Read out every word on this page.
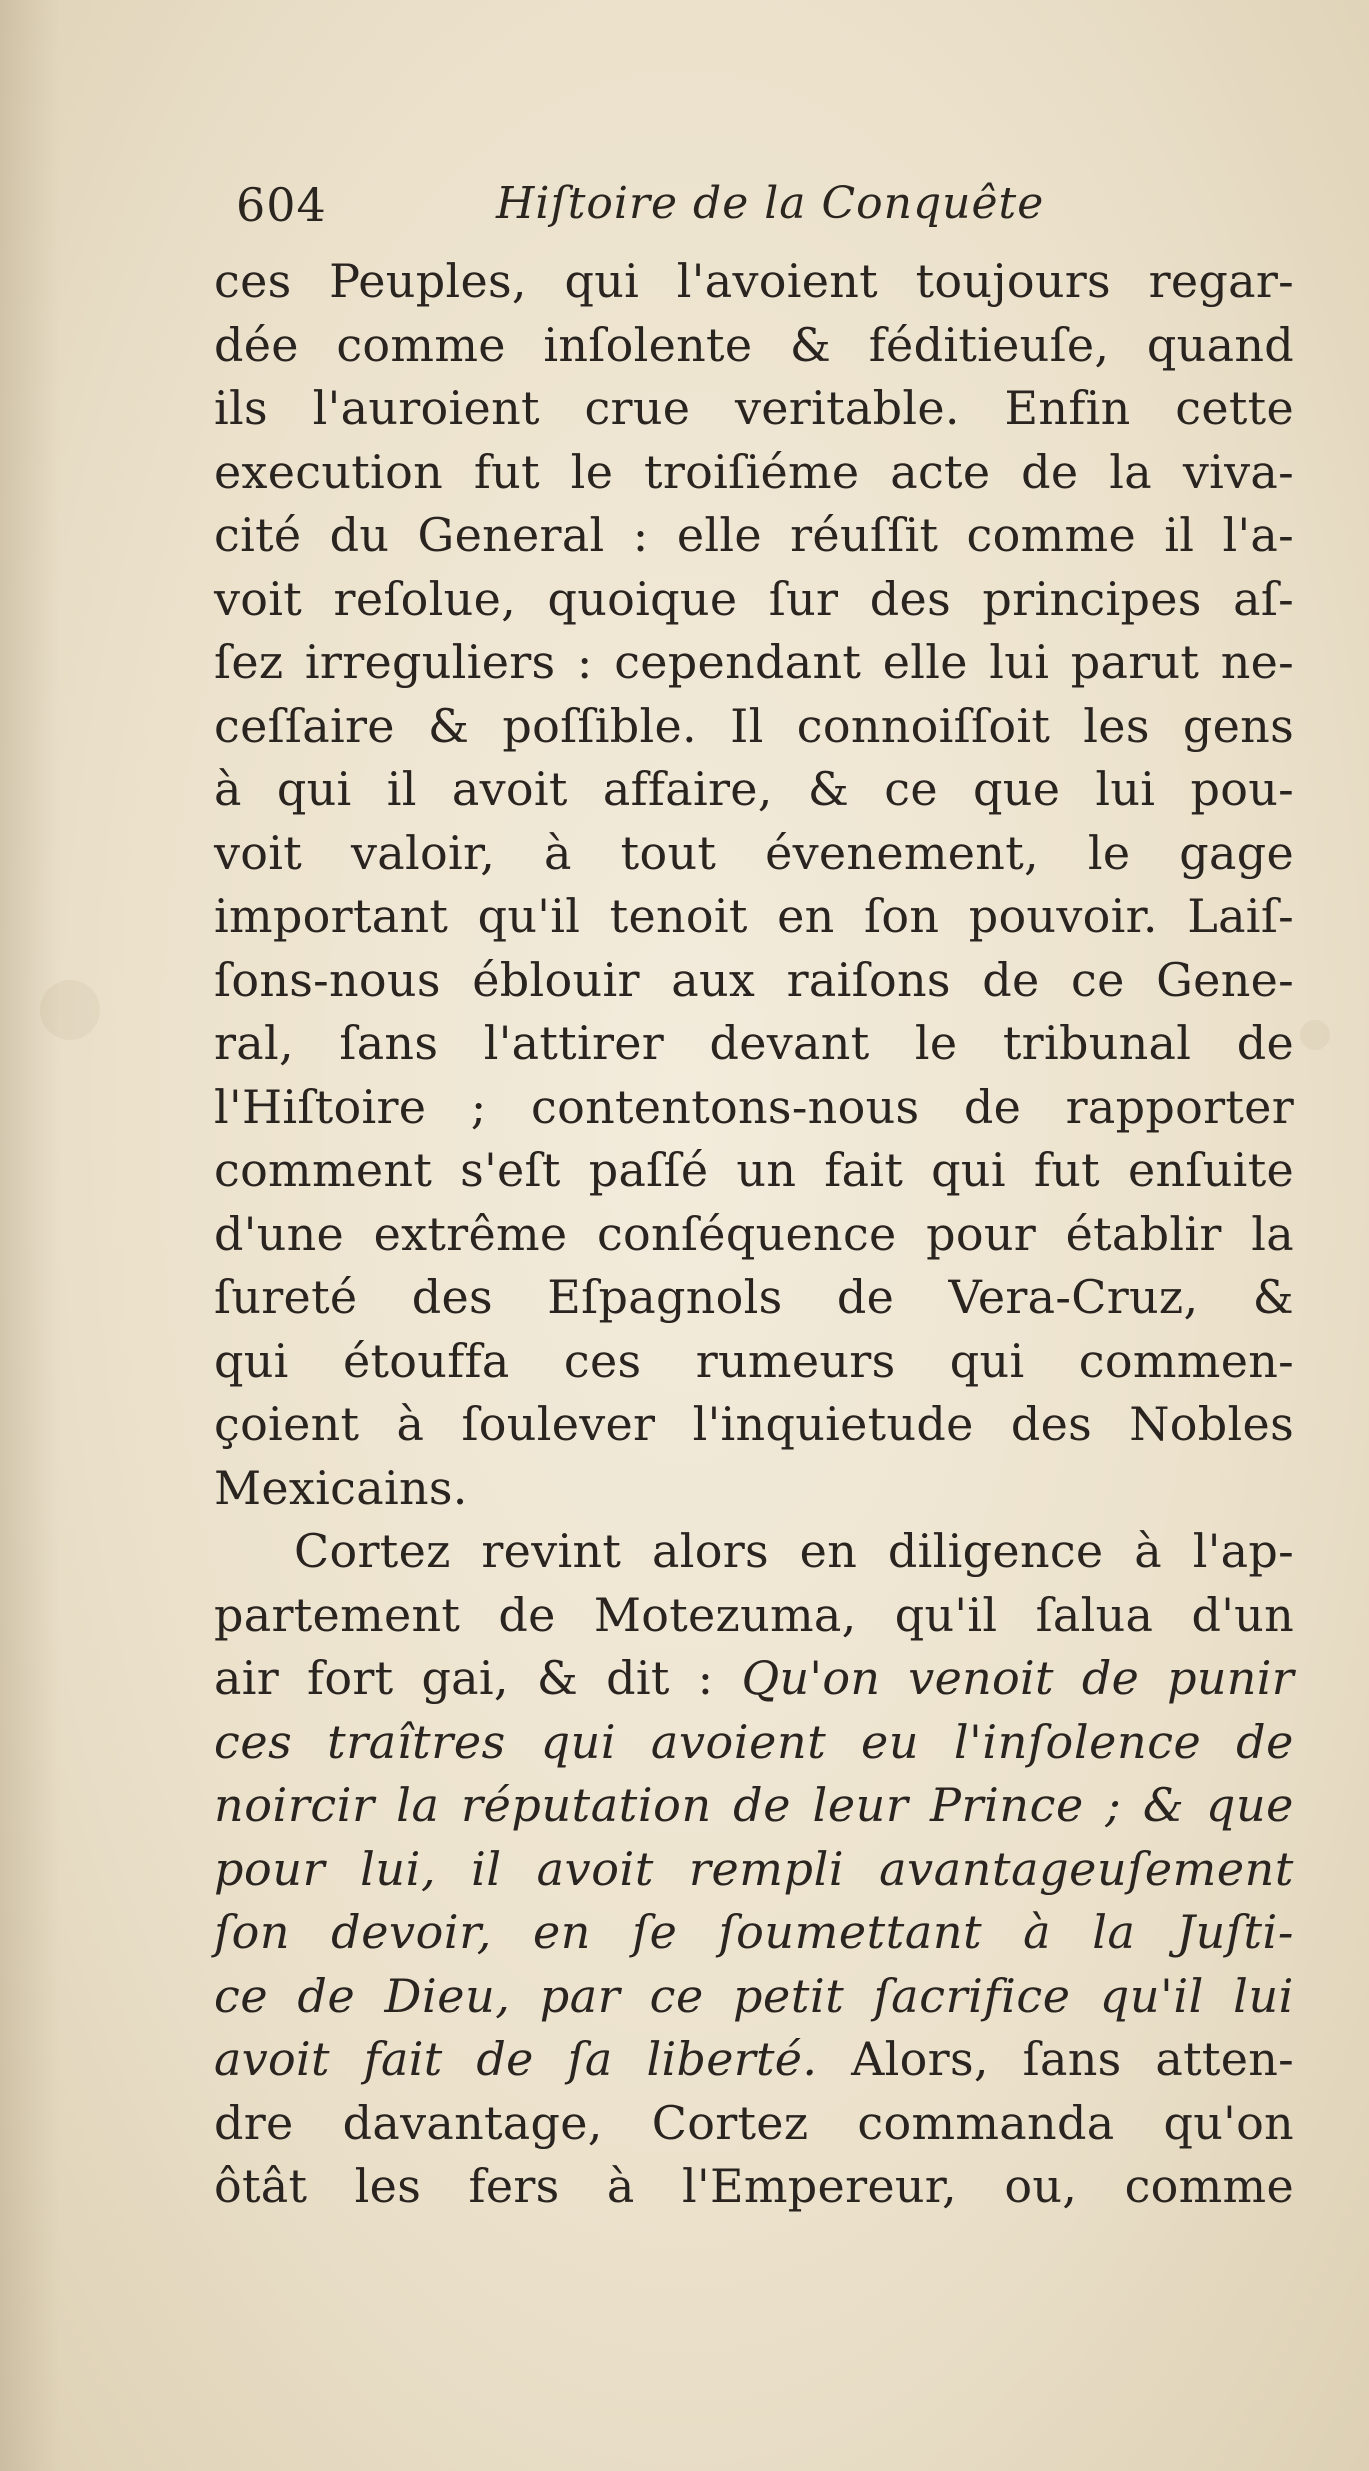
604	Hiſtoire de la Conquête
ces Peuples, qui l'avoient toujours regar-
dée comme inſolente & féditieuſe, quand
ils l'auroient crue veritable. Enfin cette
execution fut le troiſiéme acte de la viva-
cité du General : elle réuſſit comme il l'a-
voit reſolue, quoique ſur des principes aſ-
ſez irreguliers : cependant elle lui parut ne-
ceſſaire & poſſible. Il connoiſſoit les gens
à qui il avoit affaire, & ce que lui pou-
voit valoir, à tout évenement, le gage
important qu'il tenoit en ſon pouvoir. Laiſ-
ſons-nous éblouir aux raiſons de ce Gene-
ral, ſans l'attirer devant le tribunal de
l'Hiſtoire ; contentons-nous de rapporter
comment s'eſt paſſé un fait qui fut enſuite
d'une extrême conſéquence pour établir la
ſureté des Eſpagnols de Vera-Cruz, &
qui étouffa ces rumeurs qui commen-
çoient à ſoulever l'inquietude des Nobles
Mexicains.
Cortez revint alors en diligence à l'ap-
partement de Motezuma, qu'il ſalua d'un
air fort gai, & dit : Qu'on venoit de punir
ces traîtres qui avoient eu l'inſolence de
noircir la réputation de leur Prince ; & que
pour lui, il avoit rempli avantageuſement
ſon devoir, en ſe ſoumettant à la Juſti-
ce de Dieu, par ce petit ſacrifice qu'il lui
avoit fait de ſa liberté. Alors, ſans atten-
dre davantage, Cortez commanda qu'on
ôtât les fers à l'Empereur, ou, comme
